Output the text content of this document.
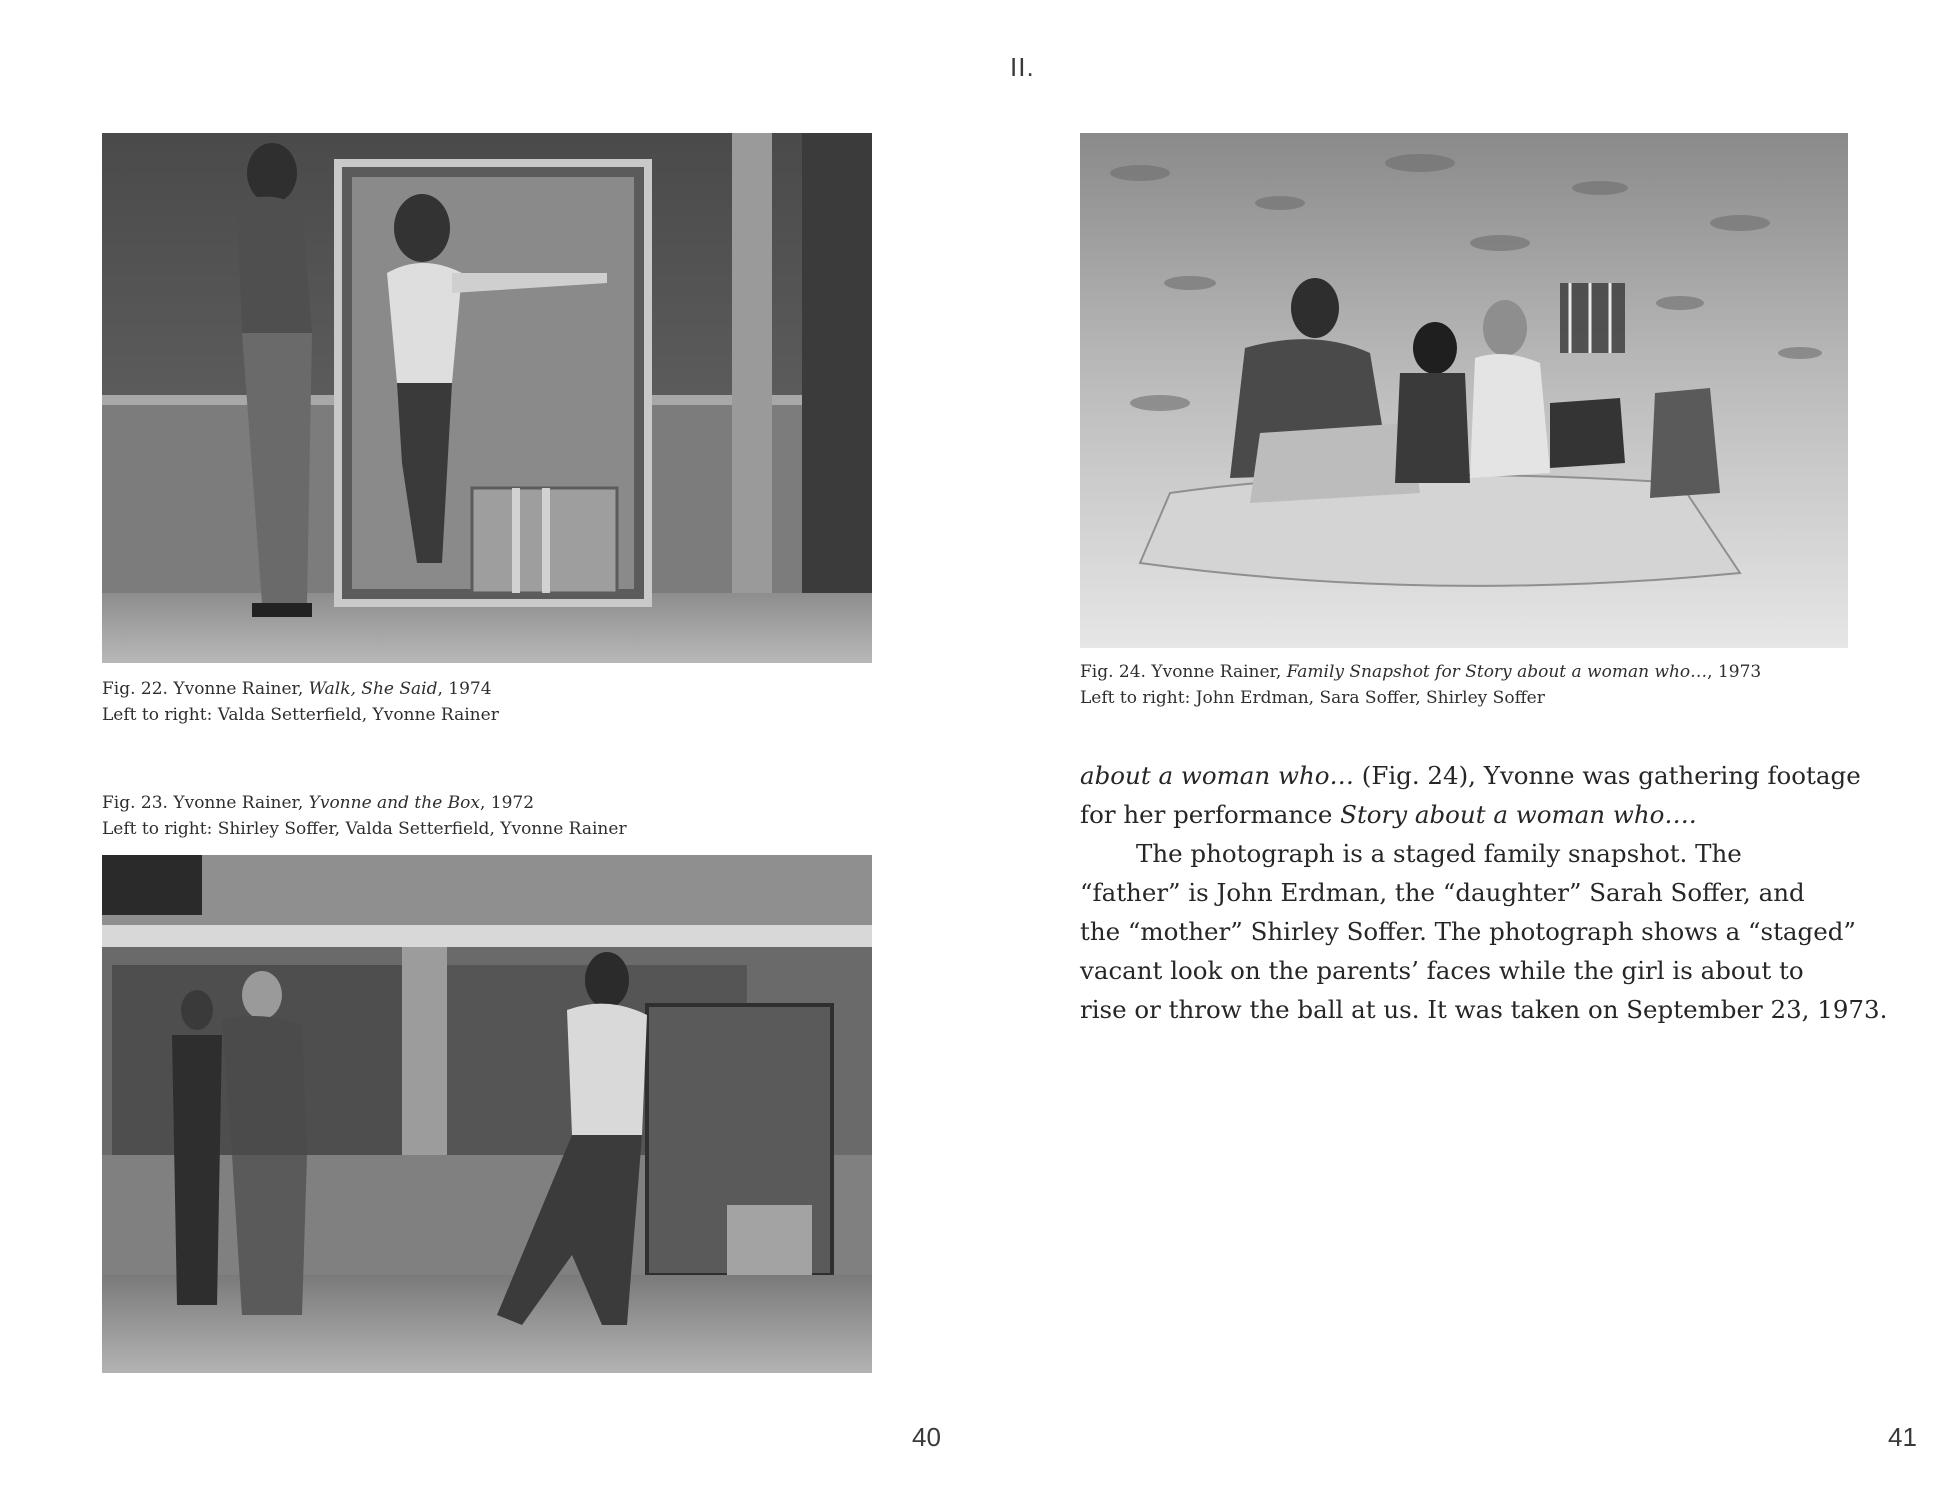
II.
Fig. 22. Yvonne Rainer, Walk, She Said, 1974
Left to right: Valda Setterfield, Yvonne Rainer
Fig. 23. Yvonne Rainer, Yvonne and the Box, 1972
Left to right: Shirley Soffer, Valda Setterfield, Yvonne Rainer
Fig. 24. Yvonne Rainer, Family Snapshot for Story about a woman who…, 1973
Left to right: John Erdman, Sara Soffer, Shirley Soffer

about a woman who… (Fig. 24), Yvonne was gathering footage

for her performance Story about a woman who….

The photograph is a staged family snapshot. The

“father” is John Erdman, the “daughter” Sarah Soffer, and

the “mother” Shirley Soffer. The photograph shows a “staged”

vacant look on the parents’ faces while the girl is about to

rise or throw the ball at us. It was taken on September 23, 1973.

40	41
